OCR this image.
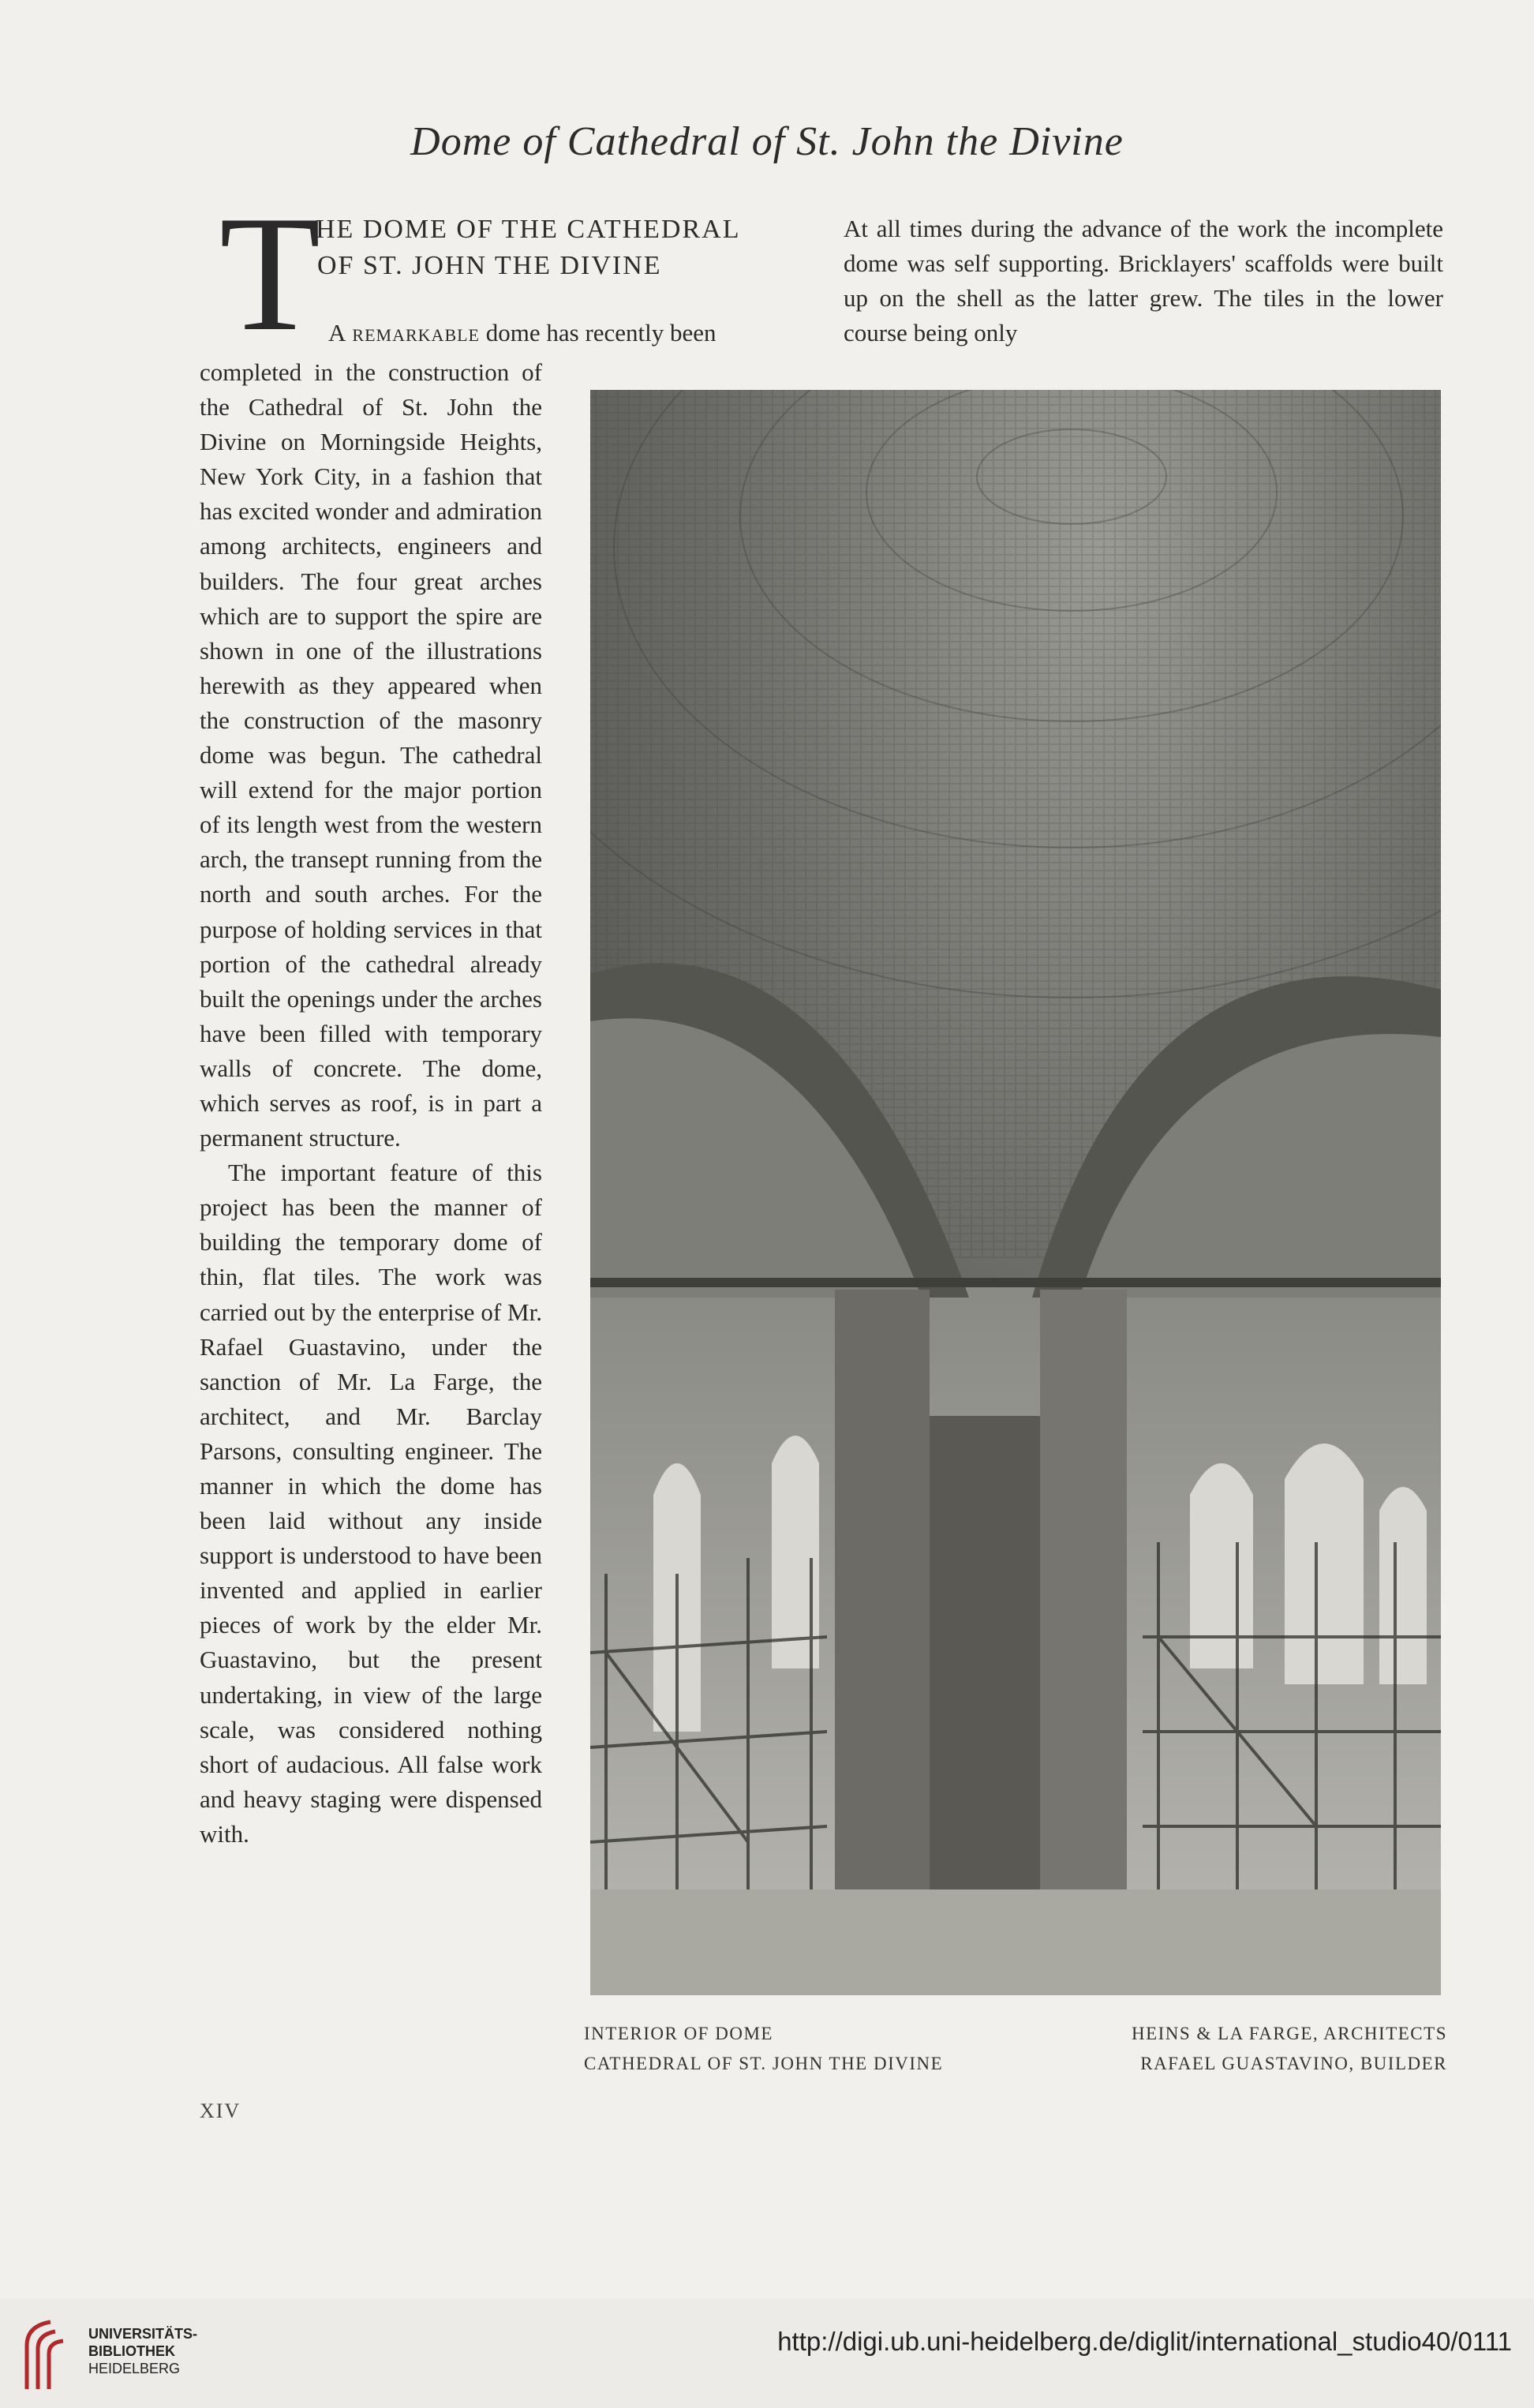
Dome of Cathedral of St. John the Divine
T
HE DOME OF THE CATHEDRAL
OF ST. JOHN THE DIVINE
A remarkable dome has recently been

completed in the construction of the Cathedral of St. John the Divine on Morningside Heights, New York City, in a fashion that has excited wonder and admiration among architects, engineers and builders. The four great arches which are to support the spire are shown in one of the illustrations herewith as they appeared when the construction of the masonry dome was begun. The cathedral will extend for the major portion of its length west from the western arch, the transept running from the north and south arches. For the purpose of holding services in that portion of the cathedral already built the openings under the arches have been filled with temporary walls of concrete. The dome, which serves as roof, is in part a permanent structure.

The important feature of this project has been the manner of building the temporary dome of thin, flat tiles. The work was carried out by the enterprise of Mr. Rafael Guastavino, under the sanction of Mr. La Farge, the architect, and Mr. Barclay Parsons, consulting engineer. The manner in which the dome has been laid without any inside support is understood to have been invented and applied in earlier pieces of work by the elder Mr. Guastavino, but the present undertaking, in view of the large scale, was considered nothing short of audacious. All false work and heavy staging were dispensed with.

At all times during the advance of the work the incomplete dome was self supporting. Bricklayers' scaffolds were built up on the shell as the latter grew. The tiles in the lower course being only

INTERIOR OF DOME
CATHEDRAL OF ST. JOHN THE DIVINE
HEINS & LA FARGE, ARCHITECTS
RAFAEL GUASTAVINO, BUILDER
XIV
UNIVERSITÄTS-
BIBLIOTHEK
HEIDELBERG
http://digi.ub.uni-heidelberg.de/diglit/international_studio40/0111
